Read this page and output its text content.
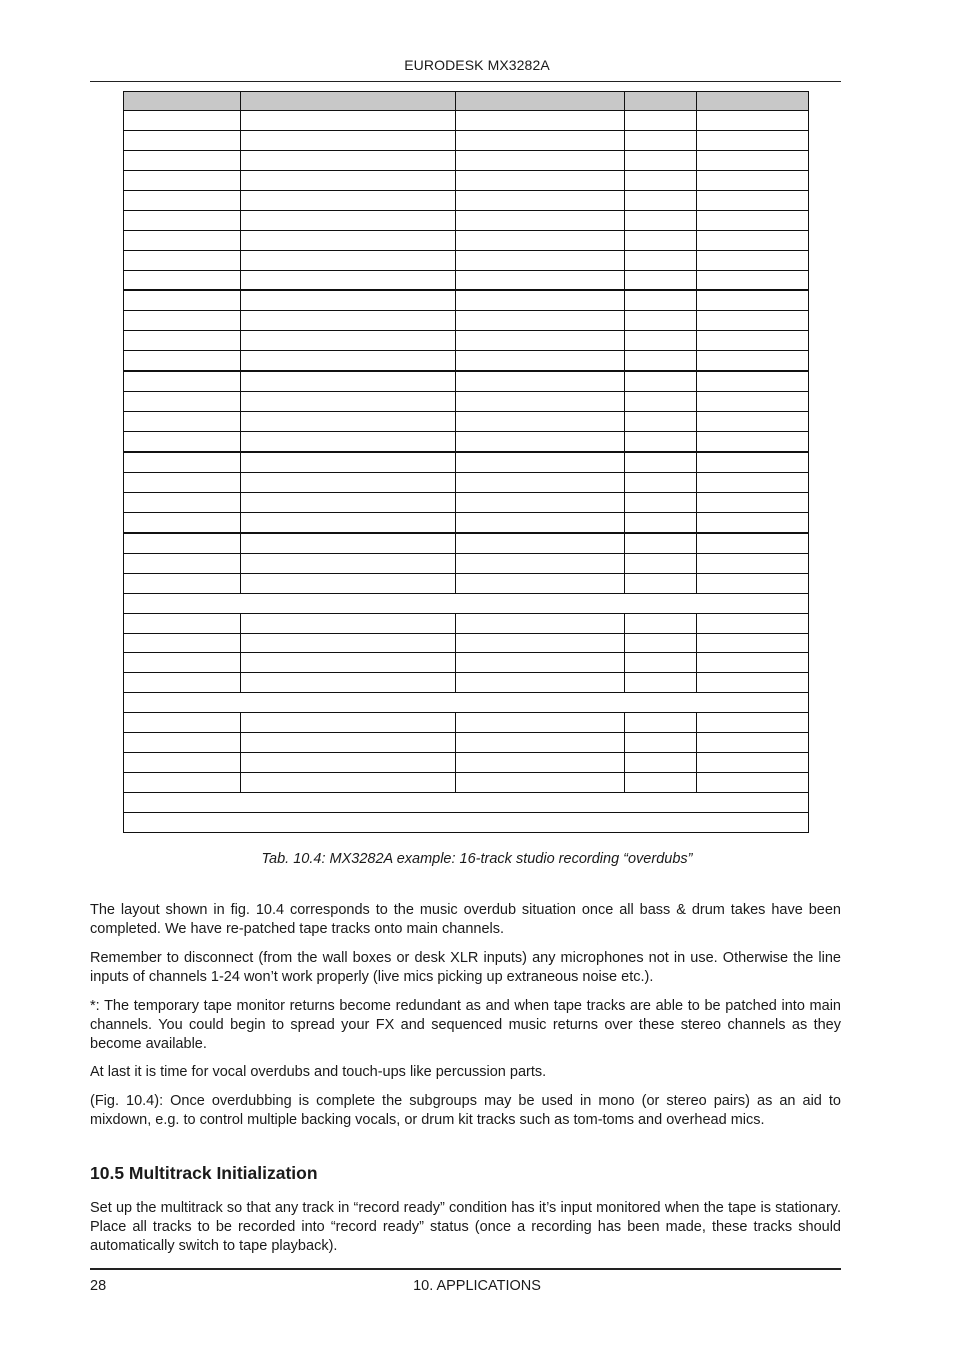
EURODESK MX3282A

Tab. 10.4: MX3282A example: 16-track studio recording “overdubs”

The layout shown in fig. 10.4 corresponds to the music overdub situation once all bass & drum takes have been completed. We have re-patched tape tracks onto main channels.

Remember to disconnect (from the wall boxes or desk XLR inputs) any microphones not in use. Otherwise the line inputs of channels 1-24 won’t work properly (live mics picking up extraneous noise etc.).

*: The temporary tape monitor returns become redundant as and when tape tracks are able to be patched into main channels. You could begin to spread your FX and sequenced music returns over these stereo channels as they become available.

At last it is time for vocal overdubs and touch-ups like percussion parts.

(Fig. 10.4): Once overdubbing is complete the subgroups may be used in mono (or stereo pairs) as an aid to mixdown, e.g. to control multiple backing vocals, or drum kit tracks such as tom-toms and overhead mics.

10.5 Multitrack Initialization

Set up the multitrack so that any track in “record ready” condition has it’s input monitored when the tape is stationary. Place all tracks to be recorded into “record ready” status (once a recording has been made, these tracks should automatically switch to tape playback).

28	10. APPLICATIONS
